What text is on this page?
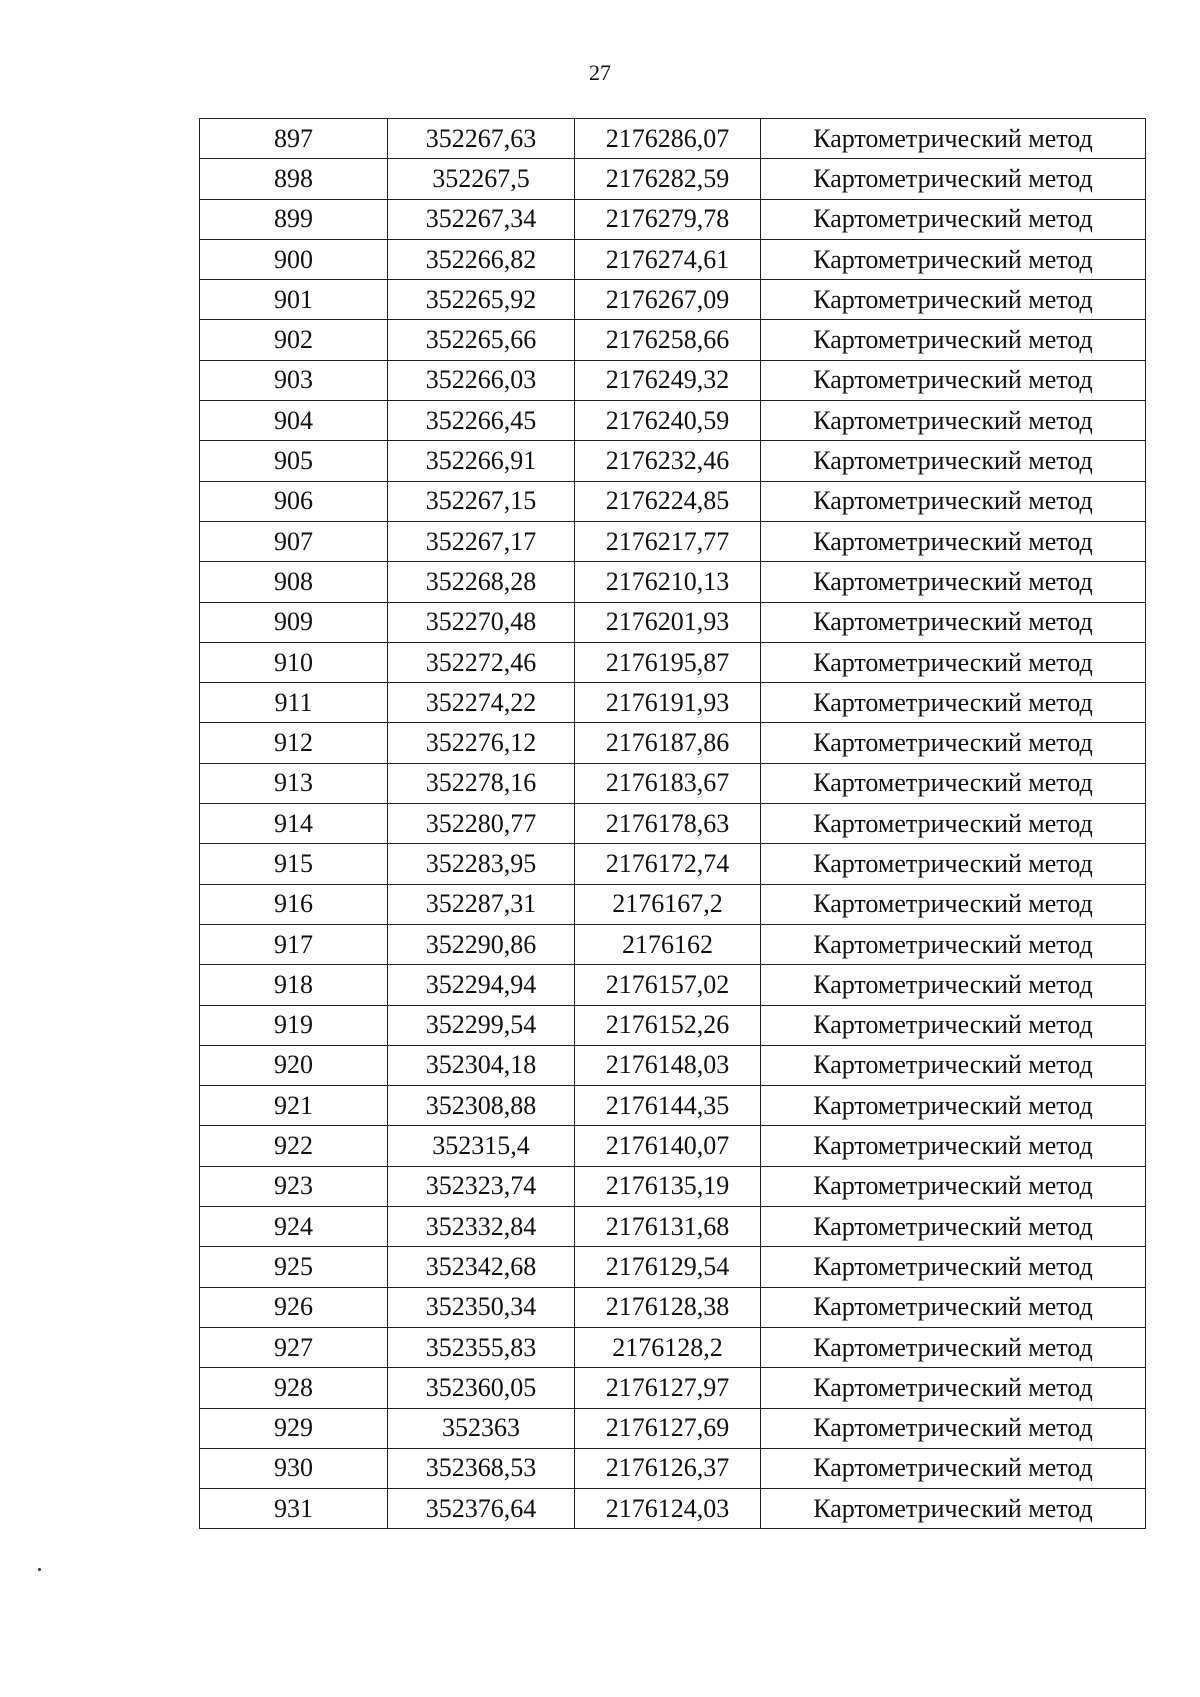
27
897	352267,63	2176286,07	Картометрический метод
898	352267,5	2176282,59	Картометрический метод
899	352267,34	2176279,78	Картометрический метод
900	352266,82	2176274,61	Картометрический метод
901	352265,92	2176267,09	Картометрический метод
902	352265,66	2176258,66	Картометрический метод
903	352266,03	2176249,32	Картометрический метод
904	352266,45	2176240,59	Картометрический метод
905	352266,91	2176232,46	Картометрический метод
906	352267,15	2176224,85	Картометрический метод
907	352267,17	2176217,77	Картометрический метод
908	352268,28	2176210,13	Картометрический метод
909	352270,48	2176201,93	Картометрический метод
910	352272,46	2176195,87	Картометрический метод
911	352274,22	2176191,93	Картометрический метод
912	352276,12	2176187,86	Картометрический метод
913	352278,16	2176183,67	Картометрический метод
914	352280,77	2176178,63	Картометрический метод
915	352283,95	2176172,74	Картометрический метод
916	352287,31	2176167,2	Картометрический метод
917	352290,86	2176162	Картометрический метод
918	352294,94	2176157,02	Картометрический метод
919	352299,54	2176152,26	Картометрический метод
920	352304,18	2176148,03	Картометрический метод
921	352308,88	2176144,35	Картометрический метод
922	352315,4	2176140,07	Картометрический метод
923	352323,74	2176135,19	Картометрический метод
924	352332,84	2176131,68	Картометрический метод
925	352342,68	2176129,54	Картометрический метод
926	352350,34	2176128,38	Картометрический метод
927	352355,83	2176128,2	Картометрический метод
928	352360,05	2176127,97	Картометрический метод
929	352363	2176127,69	Картометрический метод
930	352368,53	2176126,37	Картометрический метод
931	352376,64	2176124,03	Картометрический метод
